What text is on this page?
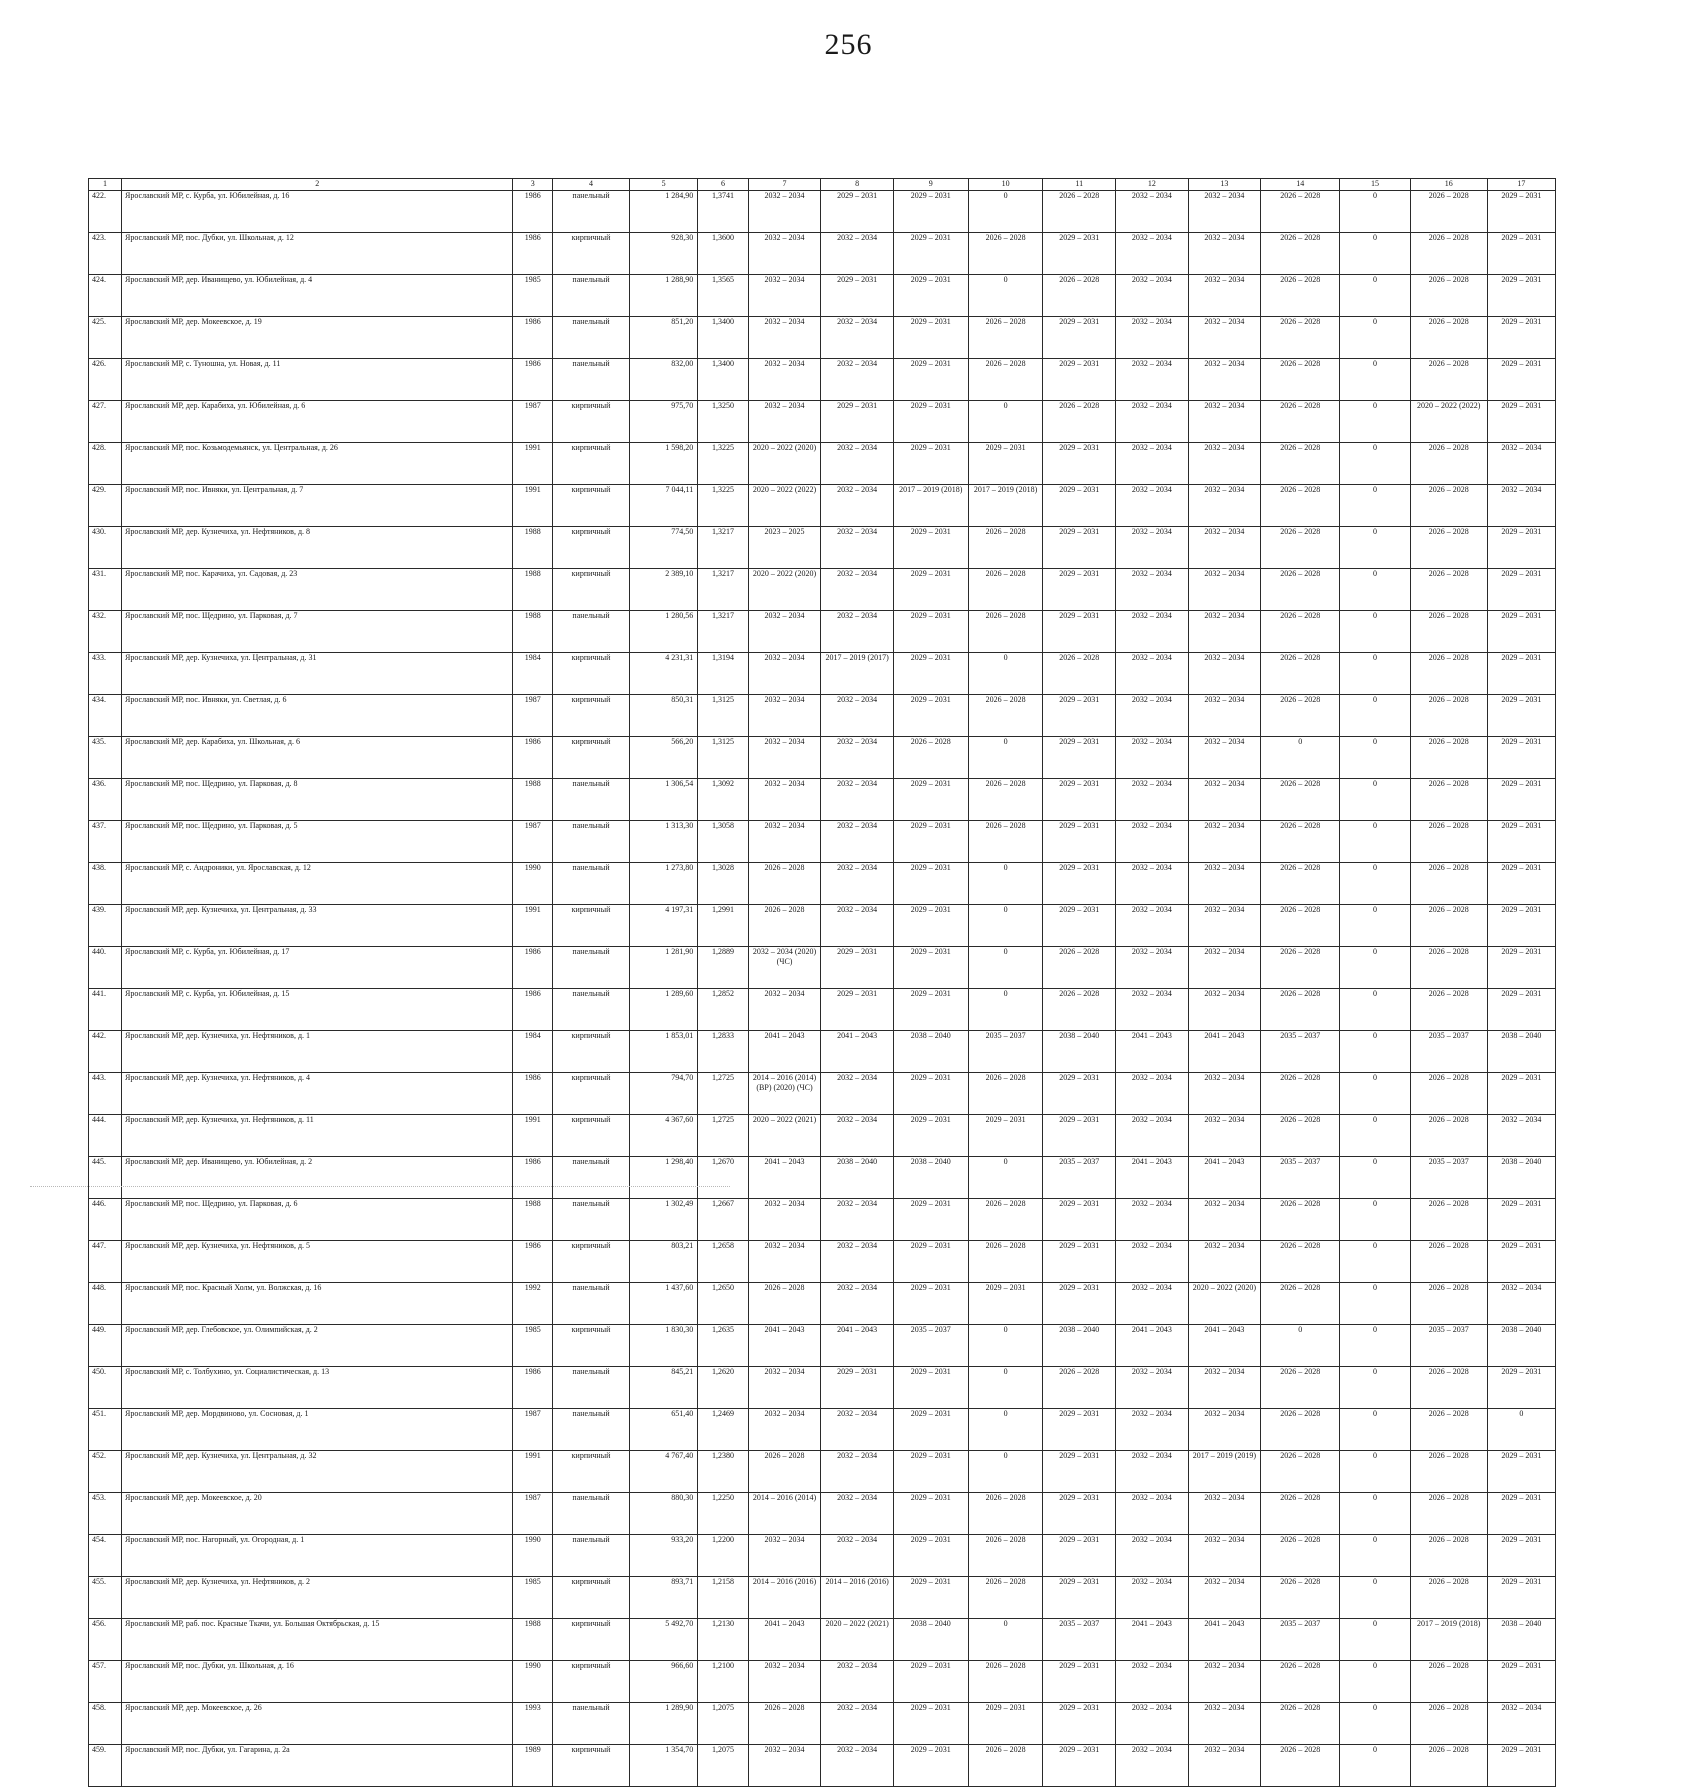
256
1	2	3	4	5	6	7	8	9	10	11	12	13	14	15	16	17
422.	Ярославский МР, с. Курба, ул. Юбилейная, д. 16	1986	панельный	1 284,90	1,3741	2032 – 2034	2029 – 2031	2029 – 2031	0	2026 – 2028	2032 – 2034	2032 – 2034	2026 – 2028	0	2026 – 2028	2029 – 2031
423.	Ярославский МР, пос. Дубки, ул. Школьная, д. 12	1986	кирпичный	928,30	1,3600	2032 – 2034	2032 – 2034	2029 – 2031	2026 – 2028	2029 – 2031	2032 – 2034	2032 – 2034	2026 – 2028	0	2026 – 2028	2029 – 2031
424.	Ярославский МР, дер. Иванищево, ул. Юбилейная, д. 4	1985	панельный	1 288,90	1,3565	2032 – 2034	2029 – 2031	2029 – 2031	0	2026 – 2028	2032 – 2034	2032 – 2034	2026 – 2028	0	2026 – 2028	2029 – 2031
425.	Ярославский МР, дер. Мокеевское, д. 19	1986	панельный	851,20	1,3400	2032 – 2034	2032 – 2034	2029 – 2031	2026 – 2028	2029 – 2031	2032 – 2034	2032 – 2034	2026 – 2028	0	2026 – 2028	2029 – 2031
426.	Ярославский МР, с. Туношна, ул. Новая, д. 11	1986	панельный	832,00	1,3400	2032 – 2034	2032 – 2034	2029 – 2031	2026 – 2028	2029 – 2031	2032 – 2034	2032 – 2034	2026 – 2028	0	2026 – 2028	2029 – 2031
427.	Ярославский МР, дер. Карабиха, ул. Юбилейная, д. 6	1987	кирпичный	975,70	1,3250	2032 – 2034	2029 – 2031	2029 – 2031	0	2026 – 2028	2032 – 2034	2032 – 2034	2026 – 2028	0	2020 – 2022 (2022)	2029 – 2031
428.	Ярославский МР, пос. Козьмодемьянск, ул. Центральная, д. 26	1991	кирпичный	1 598,20	1,3225	2020 – 2022 (2020)	2032 – 2034	2029 – 2031	2029 – 2031	2029 – 2031	2032 – 2034	2032 – 2034	2026 – 2028	0	2026 – 2028	2032 – 2034
429.	Ярославский МР, пос. Ивняки, ул. Центральная, д. 7	1991	кирпичный	7 044,11	1,3225	2020 – 2022 (2022)	2032 – 2034	2017 – 2019 (2018)	2017 – 2019 (2018)	2029 – 2031	2032 – 2034	2032 – 2034	2026 – 2028	0	2026 – 2028	2032 – 2034
430.	Ярославский МР, дер. Кузнечиха, ул. Нефтяников, д. 8	1988	кирпичный	774,50	1,3217	2023 – 2025	2032 – 2034	2029 – 2031	2026 – 2028	2029 – 2031	2032 – 2034	2032 – 2034	2026 – 2028	0	2026 – 2028	2029 – 2031
431.	Ярославский МР, пос. Карачиха, ул. Садовая, д. 23	1988	кирпичный	2 389,10	1,3217	2020 – 2022 (2020)	2032 – 2034	2029 – 2031	2026 – 2028	2029 – 2031	2032 – 2034	2032 – 2034	2026 – 2028	0	2026 – 2028	2029 – 2031
432.	Ярославский МР, пос. Щедрино, ул. Парковая, д. 7	1988	панельный	1 280,56	1,3217	2032 – 2034	2032 – 2034	2029 – 2031	2026 – 2028	2029 – 2031	2032 – 2034	2032 – 2034	2026 – 2028	0	2026 – 2028	2029 – 2031
433.	Ярославский МР, дер. Кузнечиха, ул. Центральная, д. 31	1984	кирпичный	4 231,31	1,3194	2032 – 2034	2017 – 2019 (2017)	2029 – 2031	0	2026 – 2028	2032 – 2034	2032 – 2034	2026 – 2028	0	2026 – 2028	2029 – 2031
434.	Ярославский МР, пос. Ивняки, ул. Светлая, д. 6	1987	кирпичный	850,31	1,3125	2032 – 2034	2032 – 2034	2029 – 2031	2026 – 2028	2029 – 2031	2032 – 2034	2032 – 2034	2026 – 2028	0	2026 – 2028	2029 – 2031
435.	Ярославский МР, дер. Карабиха, ул. Школьная, д. 6	1986	кирпичный	566,20	1,3125	2032 – 2034	2032 – 2034	2026 – 2028	0	2029 – 2031	2032 – 2034	2032 – 2034	0	0	2026 – 2028	2029 – 2031
436.	Ярославский МР, пос. Щедрино, ул. Парковая, д. 8	1988	панельный	1 306,54	1,3092	2032 – 2034	2032 – 2034	2029 – 2031	2026 – 2028	2029 – 2031	2032 – 2034	2032 – 2034	2026 – 2028	0	2026 – 2028	2029 – 2031
437.	Ярославский МР, пос. Щедрино, ул. Парковая, д. 5	1987	панельный	1 313,30	1,3058	2032 – 2034	2032 – 2034	2029 – 2031	2026 – 2028	2029 – 2031	2032 – 2034	2032 – 2034	2026 – 2028	0	2026 – 2028	2029 – 2031
438.	Ярославский МР, с. Андроники, ул. Ярославская, д. 12	1990	панельный	1 273,80	1,3028	2026 – 2028	2032 – 2034	2029 – 2031	0	2029 – 2031	2032 – 2034	2032 – 2034	2026 – 2028	0	2026 – 2028	2029 – 2031
439.	Ярославский МР, дер. Кузнечиха, ул. Центральная, д. 33	1991	кирпичный	4 197,31	1,2991	2026 – 2028	2032 – 2034	2029 – 2031	0	2029 – 2031	2032 – 2034	2032 – 2034	2026 – 2028	0	2026 – 2028	2029 – 2031
440.	Ярославский МР, с. Курба, ул. Юбилейная, д. 17	1986	панельный	1 281,90	1,2889	2032 – 2034 (2020) (ЧС)	2029 – 2031	2029 – 2031	0	2026 – 2028	2032 – 2034	2032 – 2034	2026 – 2028	0	2026 – 2028	2029 – 2031
441.	Ярославский МР, с. Курба, ул. Юбилейная, д. 15	1986	панельный	1 289,60	1,2852	2032 – 2034	2029 – 2031	2029 – 2031	0	2026 – 2028	2032 – 2034	2032 – 2034	2026 – 2028	0	2026 – 2028	2029 – 2031
442.	Ярославский МР, дер. Кузнечиха, ул. Нефтяников, д. 1	1984	кирпичный	1 853,01	1,2833	2041 – 2043	2041 – 2043	2038 – 2040	2035 – 2037	2038 – 2040	2041 – 2043	2041 – 2043	2035 – 2037	0	2035 – 2037	2038 – 2040
443.	Ярославский МР, дер. Кузнечиха, ул. Нефтяников, д. 4	1986	кирпичный	794,70	1,2725	2014 – 2016 (2014) (ВР) (2020) (ЧС)	2032 – 2034	2029 – 2031	2026 – 2028	2029 – 2031	2032 – 2034	2032 – 2034	2026 – 2028	0	2026 – 2028	2029 – 2031
444.	Ярославский МР, дер. Кузнечиха, ул. Нефтяников, д. 11	1991	кирпичный	4 367,60	1,2725	2020 – 2022 (2021)	2032 – 2034	2029 – 2031	2029 – 2031	2029 – 2031	2032 – 2034	2032 – 2034	2026 – 2028	0	2026 – 2028	2032 – 2034
445.	Ярославский МР, дер. Иванищево, ул. Юбилейная, д. 2	1986	панельный	1 298,40	1,2670	2041 – 2043	2038 – 2040	2038 – 2040	0	2035 – 2037	2041 – 2043	2041 – 2043	2035 – 2037	0	2035 – 2037	2038 – 2040
446.	Ярославский МР, пос. Щедрино, ул. Парковая, д. 6	1988	панельный	1 302,49	1,2667	2032 – 2034	2032 – 2034	2029 – 2031	2026 – 2028	2029 – 2031	2032 – 2034	2032 – 2034	2026 – 2028	0	2026 – 2028	2029 – 2031
447.	Ярославский МР, дер. Кузнечиха, ул. Нефтяников, д. 5	1986	кирпичный	803,21	1,2658	2032 – 2034	2032 – 2034	2029 – 2031	2026 – 2028	2029 – 2031	2032 – 2034	2032 – 2034	2026 – 2028	0	2026 – 2028	2029 – 2031
448.	Ярославский МР, пос. Красный Холм, ул. Волжская, д. 16	1992	панельный	1 437,60	1,2650	2026 – 2028	2032 – 2034	2029 – 2031	2029 – 2031	2029 – 2031	2032 – 2034	2020 – 2022 (2020)	2026 – 2028	0	2026 – 2028	2032 – 2034
449.	Ярославский МР, дер. Глебовское, ул. Олимпийская, д. 2	1985	кирпичный	1 830,30	1,2635	2041 – 2043	2041 – 2043	2035 – 2037	0	2038 – 2040	2041 – 2043	2041 – 2043	0	0	2035 – 2037	2038 – 2040
450.	Ярославский МР, с. Толбухино, ул. Социалистическая, д. 13	1986	панельный	845,21	1,2620	2032 – 2034	2029 – 2031	2029 – 2031	0	2026 – 2028	2032 – 2034	2032 – 2034	2026 – 2028	0	2026 – 2028	2029 – 2031
451.	Ярославский МР, дер. Мордвиново, ул. Сосновая, д. 1	1987	панельный	651,40	1,2469	2032 – 2034	2032 – 2034	2029 – 2031	0	2029 – 2031	2032 – 2034	2032 – 2034	2026 – 2028	0	2026 – 2028	0
452.	Ярославский МР, дер. Кузнечиха, ул. Центральная, д. 32	1991	кирпичный	4 767,40	1,2380	2026 – 2028	2032 – 2034	2029 – 2031	0	2029 – 2031	2032 – 2034	2017 – 2019 (2019)	2026 – 2028	0	2026 – 2028	2029 – 2031
453.	Ярославский МР, дер. Мокеевское, д. 20	1987	панельный	880,30	1,2250	2014 – 2016 (2014)	2032 – 2034	2029 – 2031	2026 – 2028	2029 – 2031	2032 – 2034	2032 – 2034	2026 – 2028	0	2026 – 2028	2029 – 2031
454.	Ярославский МР, пос. Нагорный, ул. Огородная, д. 1	1990	панельный	933,20	1,2200	2032 – 2034	2032 – 2034	2029 – 2031	2026 – 2028	2029 – 2031	2032 – 2034	2032 – 2034	2026 – 2028	0	2026 – 2028	2029 – 2031
455.	Ярославский МР, дер. Кузнечиха, ул. Нефтяников, д. 2	1985	кирпичный	893,71	1,2158	2014 – 2016 (2016)	2014 – 2016 (2016)	2029 – 2031	2026 – 2028	2029 – 2031	2032 – 2034	2032 – 2034	2026 – 2028	0	2026 – 2028	2029 – 2031
456.	Ярославский МР, раб. пос. Красные Ткачи, ул. Большая Октябрьская, д. 15	1988	кирпичный	5 492,70	1,2130	2041 – 2043	2020 – 2022 (2021)	2038 – 2040	0	2035 – 2037	2041 – 2043	2041 – 2043	2035 – 2037	0	2017 – 2019 (2018)	2038 – 2040
457.	Ярославский МР, пос. Дубки, ул. Школьная, д. 16	1990	кирпичный	966,60	1,2100	2032 – 2034	2032 – 2034	2029 – 2031	2026 – 2028	2029 – 2031	2032 – 2034	2032 – 2034	2026 – 2028	0	2026 – 2028	2029 – 2031
458.	Ярославский МР, дер. Мокеевское, д. 26	1993	панельный	1 289,90	1,2075	2026 – 2028	2032 – 2034	2029 – 2031	2029 – 2031	2029 – 2031	2032 – 2034	2032 – 2034	2026 – 2028	0	2026 – 2028	2032 – 2034
459.	Ярославский МР, пос. Дубки, ул. Гагарина, д. 2а	1989	кирпичный	1 354,70	1,2075	2032 – 2034	2032 – 2034	2029 – 2031	2026 – 2028	2029 – 2031	2032 – 2034	2032 – 2034	2026 – 2028	0	2026 – 2028	2029 – 2031
